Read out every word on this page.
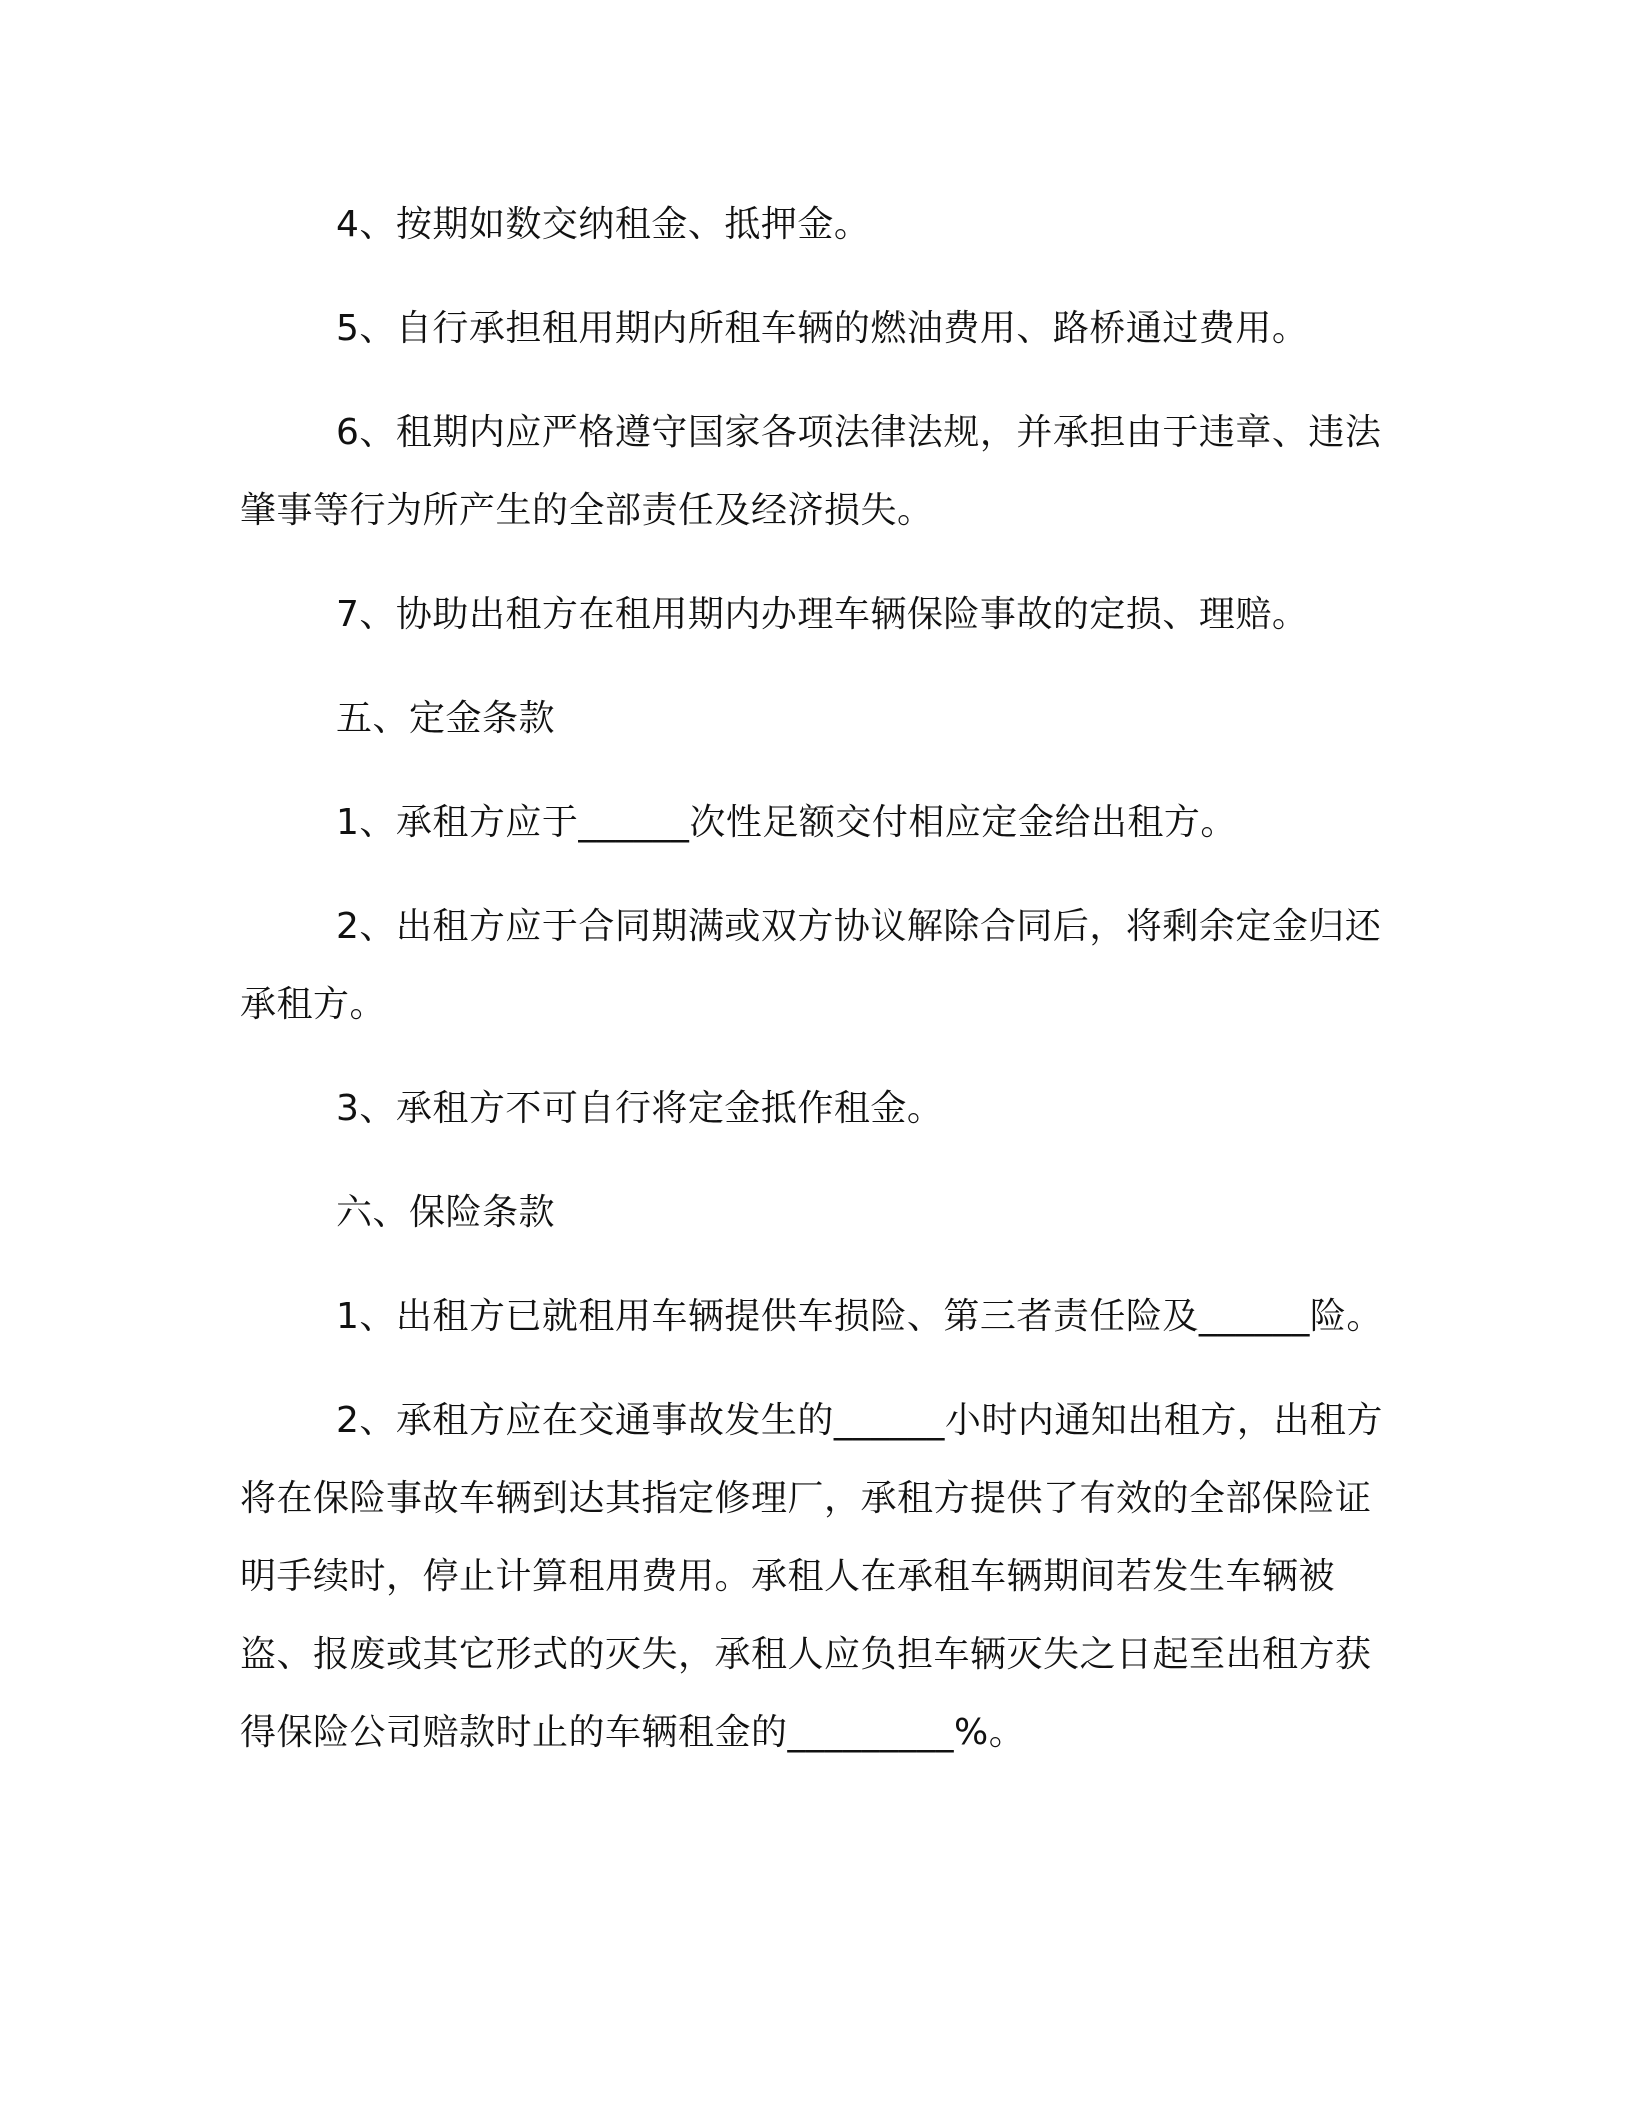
4、按期如数交纳租金、抵押金。

5、自行承担租用期内所租车辆的燃油费用、路桥通过费用。

6、租期内应严格遵守国家各项法律法规，并承担由于违章、违法肇事等行为所产生的全部责任及经济损失。

7、协助出租方在租用期内办理车辆保险事故的定损、理赔。

五、定金条款

1、承租方应于______次性足额交付相应定金给出租方。

2、出租方应于合同期满或双方协议解除合同后，将剩余定金归还承租方。

3、承租方不可自行将定金抵作租金。

六、保险条款

1、出租方已就租用车辆提供车损险、第三者责任险及______险。

2、承租方应在交通事故发生的______小时内通知出租方，出租方将在保险事故车辆到达其指定修理厂，承租方提供了有效的全部保险证明手续时，停止计算租用费用。承租人在承租车辆期间若发生车辆被盗、报废或其它形式的灭失，承租人应负担车辆灭失之日起至出租方获得保险公司赔款时止的车辆租金的_________%。
